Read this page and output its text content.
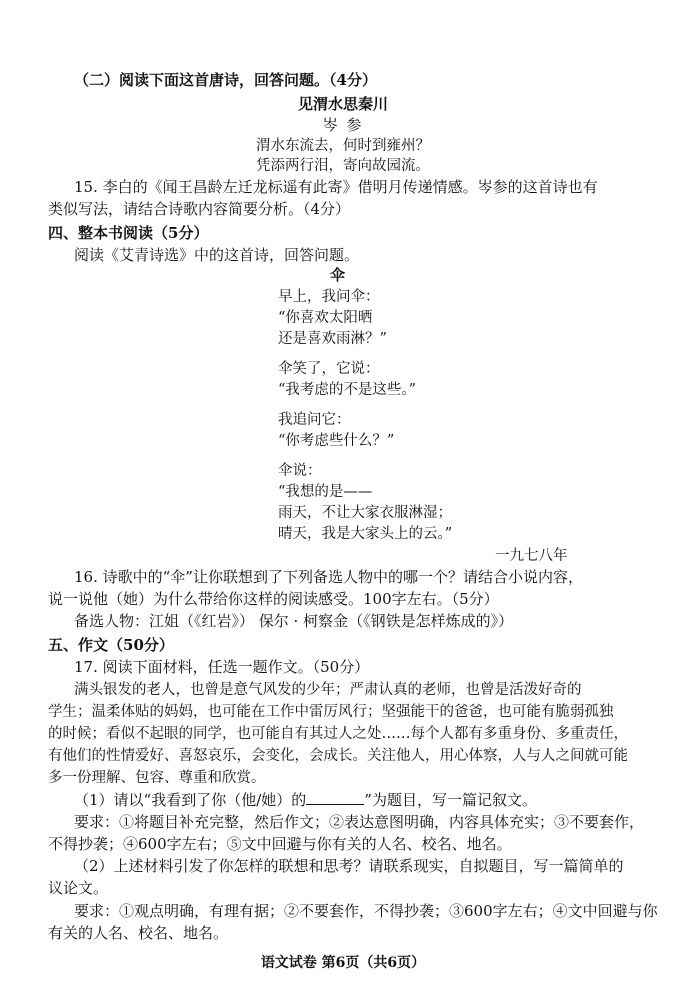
（二）阅读下面这首唐诗，回答问题。（4分）
见渭水思秦川
岑 参
渭水东流去，何时到雍州？
凭添两行泪，寄向故园流。
15. 李白的《闻王昌龄左迁龙标遥有此寄》借明月传递情感。岑参的这首诗也有
类似写法，请结合诗歌内容简要分析。（4分）
四、整本书阅读（5分）
阅读《艾青诗选》中的这首诗，回答问题。
伞
早上，我问伞：
“你喜欢太阳晒
还是喜欢雨淋？”
伞笑了，它说：
“我考虑的不是这些。”
我追问它：
“你考虑些什么？”
伞说：
“我想的是——
雨天，不让大家衣服淋湿；
晴天，我是大家头上的云。”
一九七八年
16. 诗歌中的“伞”让你联想到了下列备选人物中的哪一个？请结合小说内容，
说一说他（她）为什么带给你这样的阅读感受。100字左右。（5分）
备选人物：江姐（《红岩》） 保尔 · 柯察金（《钢铁是怎样炼成的》）
五、作文（50分）
17. 阅读下面材料，任选一题作文。（50分）
满头银发的老人，也曾是意气风发的少年；严肃认真的老师，也曾是活泼好奇的
学生；温柔体贴的妈妈，也可能在工作中雷厉风行；坚强能干的爸爸，也可能有脆弱孤独
的时候；看似不起眼的同学，也可能自有其过人之处……每个人都有多重身份、多重责任，
有他们的性情爱好、喜怒哀乐，会变化，会成长。关注他人，用心体察，人与人之间就可能
多一份理解、包容、尊重和欣赏。
（1）请以“我看到了你（他/她）的	”为题目，写一篇记叙文。
要求：①将题目补充完整，然后作文；②表达意图明确，内容具体充实；③不要套作，
不得抄袭；④600字左右；⑤文中回避与你有关的人名、校名、地名。
（2）上述材料引发了你怎样的联想和思考？请联系现实，自拟题目，写一篇简单的
议论文。
要求：①观点明确，有理有据；②不要套作，不得抄袭；③600字左右；④文中回避与你
有关的人名、校名、地名。
语文试卷 第6页（共6页）
